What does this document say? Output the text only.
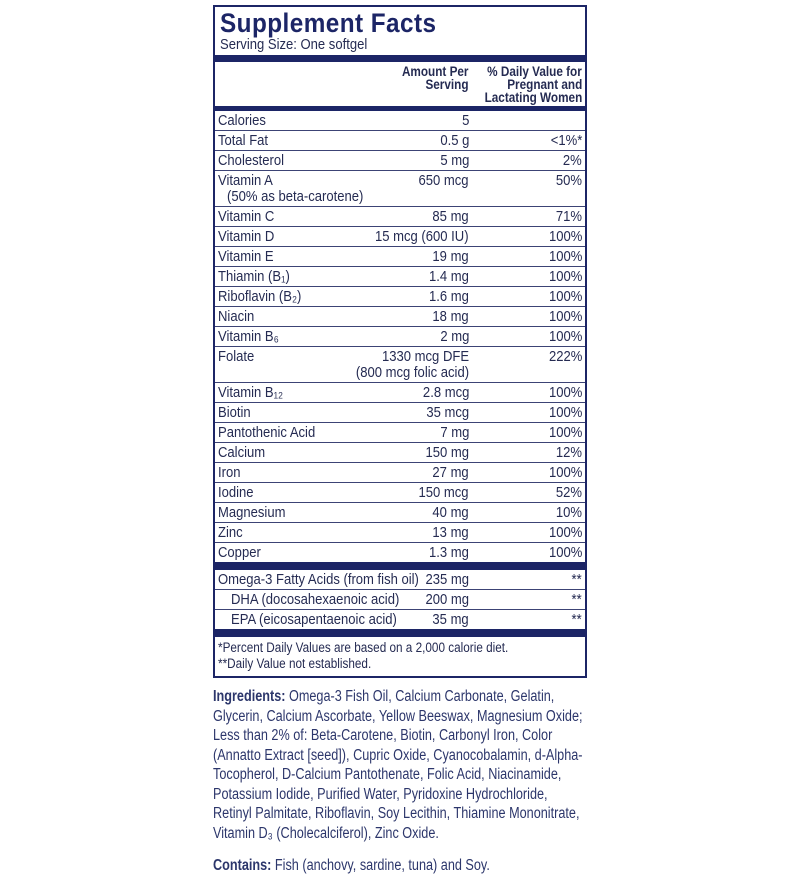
Supplement Facts
Serving Size: One softgel
Amount Per
Serving
% Daily Value for
Pregnant and
Lactating Women
Calories	5
Total Fat	0.5 g	<1%*
Cholesterol	5 mg	2%
Vitamin A	650 mcg	50%
(50% as beta-carotene)
Vitamin C	85 mg	71%
Vitamin D	15 mcg (600 IU)	100%
Vitamin E	19 mg	100%
Thiamin (B₁)	1.4 mg	100%
Riboflavin (B₂)	1.6 mg	100%
Niacin	18 mg	100%
Vitamin B₆	2 mg	100%
Folate	1330 mcg DFE	222%
(800 mcg folic acid)
Vitamin B₁₂	2.8 mcg	100%
Biotin	35 mcg	100%
Pantothenic Acid	7 mg	100%
Calcium	150 mg	12%
Iron	27 mg	100%
Iodine	150 mcg	52%
Magnesium	40 mg	10%
Zinc	13 mg	100%
Copper	1.3 mg	100%
Omega-3 Fatty Acids (from fish oil) 235 mg	**
DHA (docosahexaenoic acid)	200 mg	**
EPA (eicosapentaenoic acid)	35 mg	**
*Percent Daily Values are based on a 2,000 calorie diet.
**Daily Value not established.

Ingredients: Omega-3 Fish Oil, Calcium Carbonate, Gelatin, Glycerin, Calcium Ascorbate, Yellow Beeswax, Magnesium Oxide; Less than 2% of: Beta-Carotene, Biotin, Carbonyl Iron, Color (Annatto Extract [seed]), Cupric Oxide, Cyanocobalamin, d-Alpha-Tocopherol, D-Calcium Pantothenate, Folic Acid, Niacinamide, Potassium Iodide, Purified Water, Pyridoxine Hydrochloride, Retinyl Palmitate, Riboflavin, Soy Lecithin, Thiamine Mononitrate, Vitamin D₃ (Cholecalciferol), Zinc Oxide.

Contains: Fish (anchovy, sardine, tuna) and Soy.
